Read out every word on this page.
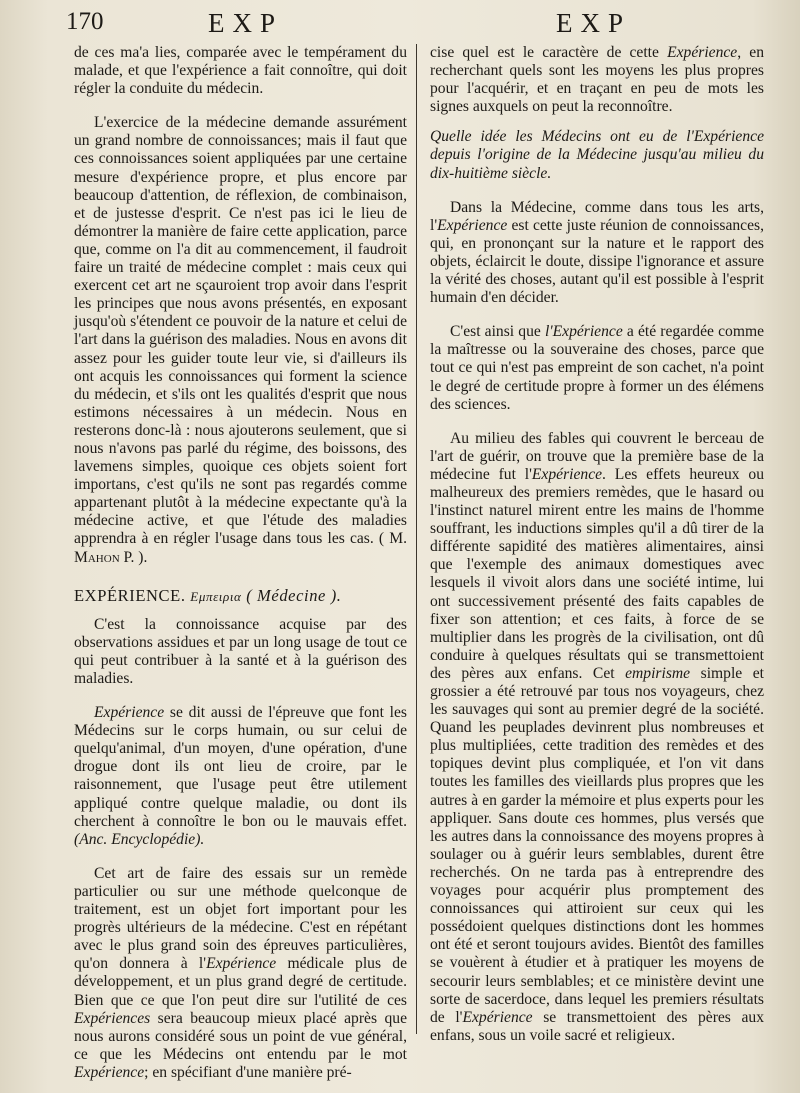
170	EXP	EXP

de ces ma'a lies, comparée avec le tempérament du malade, et que l'expérience a fait connoître, qui doit régler la conduite du médecin.

L'exercice de la médecine demande assurément un grand nombre de connoissances; mais il faut que ces connoissances soient appliquées par une certaine mesure d'expérience propre, et plus encore par beaucoup d'attention, de réflexion, de combinaison, et de justesse d'esprit. Ce n'est pas ici le lieu de démontrer la manière de faire cette application, parce que, comme on l'a dit au commencement, il faudroit faire un traité de médecine complet : mais ceux qui exercent cet art ne sçauroient trop avoir dans l'esprit les principes que nous avons présentés, en exposant jusqu'où s'étendent ce pouvoir de la nature et celui de l'art dans la guérison des maladies. Nous en avons dit assez pour les guider toute leur vie, si d'ailleurs ils ont acquis les connoissances qui forment la science du médecin, et s'ils ont les qualités d'esprit que nous estimons nécessaires à un médecin. Nous en resterons donc-là : nous ajouterons seulement, que si nous n'avons pas parlé du régime, des boissons, des lavemens simples, quoique ces objets soient fort importans, c'est qu'ils ne sont pas regardés comme appartenant plutôt à la médecine expectante qu'à la médecine active, et que l'étude des maladies apprendra à en régler l'usage dans tous les cas. ( M. Mahon P. ).

EXPÉRIENCE. Εμπειρια ( Médecine ).

C'est la connoissance acquise par des observations assidues et par un long usage de tout ce qui peut contribuer à la santé et à la guérison des maladies.

Expérience se dit aussi de l'épreuve que font les Médecins sur le corps humain, ou sur celui de quelqu'animal, d'un moyen, d'une opération, d'une drogue dont ils ont lieu de croire, par le raisonnement, que l'usage peut être utilement appliqué contre quelque maladie, ou dont ils cherchent à connoître le bon ou le mauvais effet. (Anc. Encyclopédie).

Cet art de faire des essais sur un remède particulier ou sur une méthode quelconque de traitement, est un objet fort important pour les progrès ultérieurs de la médecine. C'est en répétant avec le plus grand soin des épreuves particulières, qu'on donnera à l'Expérience médicale plus de développement, et un plus grand degré de certitude. Bien que ce que l'on peut dire sur l'utilité de ces Expériences sera beaucoup mieux placé après que nous aurons considéré sous un point de vue général, ce que les Médecins ont entendu par le mot Expérience; en spécifiant d'une manière pré-

cise quel est le caractère de cette Expérience, en recherchant quels sont les moyens les plus propres pour l'acquérir, et en traçant en peu de mots les signes auxquels on peut la reconnoître.

Quelle idée les Médecins ont eu de l'Expérience depuis l'origine de la Médecine jusqu'au milieu du dix-huitième siècle.

Dans la Médecine, comme dans tous les arts, l'Expérience est cette juste réunion de connoissances, qui, en prononçant sur la nature et le rapport des objets, éclaircit le doute, dissipe l'ignorance et assure la vérité des choses, autant qu'il est possible à l'esprit humain d'en décider.

C'est ainsi que l'Expérience a été regardée comme la maîtresse ou la souveraine des choses, parce que tout ce qui n'est pas empreint de son cachet, n'a point le degré de certitude propre à former un des élémens des sciences.

Au milieu des fables qui couvrent le berceau de l'art de guérir, on trouve que la première base de la médecine fut l'Expérience. Les effets heureux ou malheureux des premiers remèdes, que le hasard ou l'instinct naturel mirent entre les mains de l'homme souffrant, les inductions simples qu'il a dû tirer de la différente sapidité des matières alimentaires, ainsi que l'exemple des animaux domestiques avec lesquels il vivoit alors dans une société intime, lui ont successivement présenté des faits capables de fixer son attention; et ces faits, à force de se multiplier dans les progrès de la civilisation, ont dû conduire à quelques résultats qui se transmettoient des pères aux enfans. Cet empirisme simple et grossier a été retrouvé par tous nos voyageurs, chez les sauvages qui sont au premier degré de la société. Quand les peuplades devinrent plus nombreuses et plus multipliées, cette tradition des remèdes et des topiques devint plus compliquée, et l'on vit dans toutes les familles des vieillards plus propres que les autres à en garder la mémoire et plus experts pour les appliquer. Sans doute ces hommes, plus versés que les autres dans la connoissance des moyens propres à soulager ou à guérir leurs semblables, durent être recherchés. On ne tarda pas à entreprendre des voyages pour acquérir plus promptement des connoissances qui attiroient sur ceux qui les possédoient quelques distinctions dont les hommes ont été et seront toujours avides. Bientôt des familles se vouèrent à étudier et à pratiquer les moyens de secourir leurs semblables; et ce ministère devint une sorte de sacerdoce, dans lequel les premiers résultats de l'Expérience se transmettoient des pères aux enfans, sous un voile sacré et religieux.
